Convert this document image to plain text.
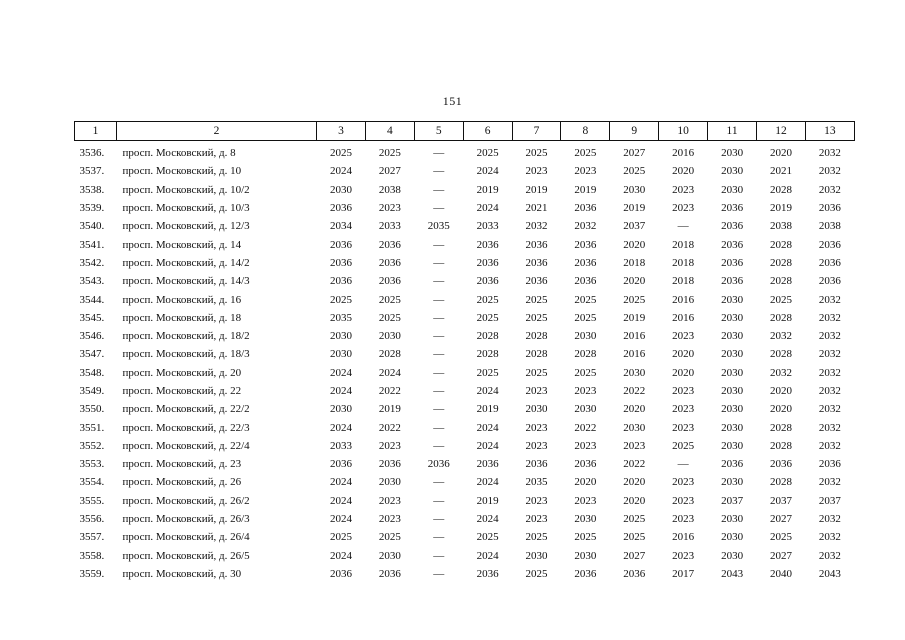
151
1	2	3	4	5	6	7	8	9	10	11	12	13
3536.	просп. Московский, д. 8	2025	2025	—	2025	2025	2025	2027	2016	2030	2020	2032
3537.	просп. Московский, д. 10	2024	2027	—	2024	2023	2023	2025	2020	2030	2021	2032
3538.	просп. Московский, д. 10/2	2030	2038	—	2019	2019	2019	2030	2023	2030	2028	2032
3539.	просп. Московский, д. 10/3	2036	2023	—	2024	2021	2036	2019	2023	2036	2019	2036
3540.	просп. Московский, д. 12/3	2034	2033	2035	2033	2032	2032	2037	—	2036	2038	2038
3541.	просп. Московский, д. 14	2036	2036	—	2036	2036	2036	2020	2018	2036	2028	2036
3542.	просп. Московский, д. 14/2	2036	2036	—	2036	2036	2036	2018	2018	2036	2028	2036
3543.	просп. Московский, д. 14/3	2036	2036	—	2036	2036	2036	2020	2018	2036	2028	2036
3544.	просп. Московский, д. 16	2025	2025	—	2025	2025	2025	2025	2016	2030	2025	2032
3545.	просп. Московский, д. 18	2035	2025	—	2025	2025	2025	2019	2016	2030	2028	2032
3546.	просп. Московский, д. 18/2	2030	2030	—	2028	2028	2030	2016	2023	2030	2032	2032
3547.	просп. Московский, д. 18/3	2030	2028	—	2028	2028	2028	2016	2020	2030	2028	2032
3548.	просп. Московский, д. 20	2024	2024	—	2025	2025	2025	2030	2020	2030	2032	2032
3549.	просп. Московский, д. 22	2024	2022	—	2024	2023	2023	2022	2023	2030	2020	2032
3550.	просп. Московский, д. 22/2	2030	2019	—	2019	2030	2030	2020	2023	2030	2020	2032
3551.	просп. Московский, д. 22/3	2024	2022	—	2024	2023	2022	2030	2023	2030	2028	2032
3552.	просп. Московский, д. 22/4	2033	2023	—	2024	2023	2023	2023	2025	2030	2028	2032
3553.	просп. Московский, д. 23	2036	2036	2036	2036	2036	2036	2022	—	2036	2036	2036
3554.	просп. Московский, д. 26	2024	2030	—	2024	2035	2020	2020	2023	2030	2028	2032
3555.	просп. Московский, д. 26/2	2024	2023	—	2019	2023	2023	2020	2023	2037	2037	2037
3556.	просп. Московский, д. 26/3	2024	2023	—	2024	2023	2030	2025	2023	2030	2027	2032
3557.	просп. Московский, д. 26/4	2025	2025	—	2025	2025	2025	2025	2016	2030	2025	2032
3558.	просп. Московский, д. 26/5	2024	2030	—	2024	2030	2030	2027	2023	2030	2027	2032
3559.	просп. Московский, д. 30	2036	2036	—	2036	2025	2036	2036	2017	2043	2040	2043
